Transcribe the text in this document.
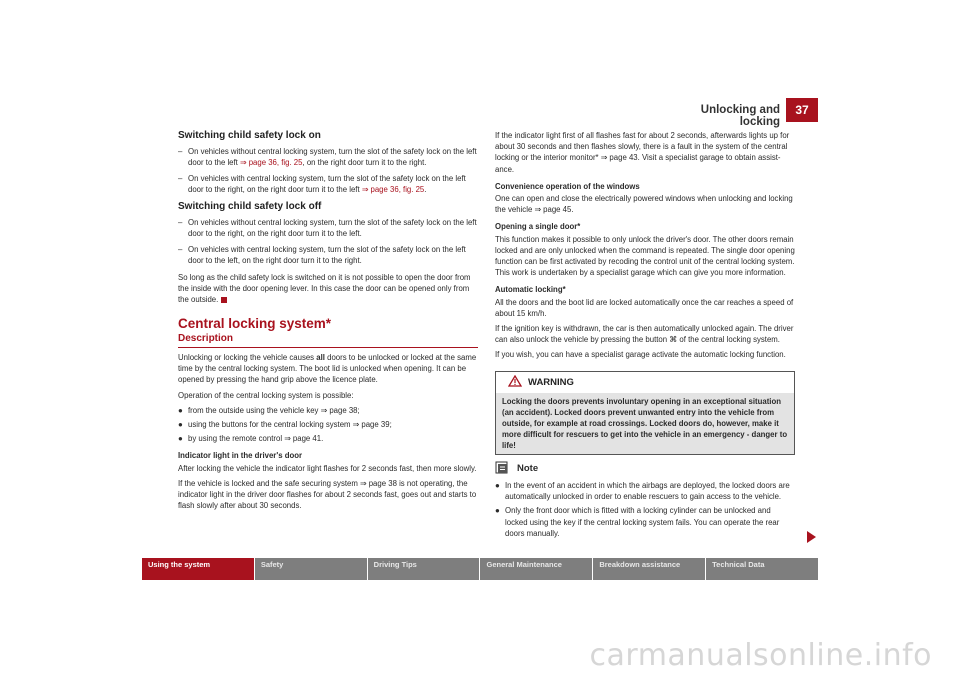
Unlocking and locking
37
Switching child safety lock on
– On vehicles without central locking system, turn the slot of the safety lock on the left door to the left ⇒ page 36, fig. 25, on the right door turn it to the right.
– On vehicles with central locking system, turn the slot of the safety lock on the left door to the right, on the right door turn it to the left ⇒ page 36, fig. 25.
Switching child safety lock off
– On vehicles without central locking system, turn the slot of the safety lock on the left door to the right, on the right door turn it to the left.
– On vehicles with central locking system, turn the slot of the safety lock on the left door to the left, on the right door turn it to the right.

So long as the child safety lock is switched on it is not possible to open the door from the inside with the door opening lever. In this case the door can be opened only from the outside.

Central locking system*
Description

Unlocking or locking the vehicle causes all doors to be unlocked or locked at the same time by the central locking system. The boot lid is unlocked when opening. It can be opened by pressing the hand grip above the licence plate.

Operation of the central locking system is possible:

● from the outside using the vehicle key ⇒ page 38;
● using the buttons for the central locking system ⇒ page 39;
● by using the remote control ⇒ page 41.
Indicator light in the driver's door

After locking the vehicle the indicator light flashes for 2 seconds fast, then more slowly.

If the vehicle is locked and the safe securing system ⇒ page 38 is not operating, the indicator light in the driver door flashes for about 2 seconds fast, goes out and starts to flash slowly after about 30 seconds.

If the indicator light first of all flashes fast for about 2 seconds, afterwards lights up for about 30 seconds and then flashes slowly, there is a fault in the system of the central locking or the interior monitor* ⇒ page 43. Visit a specialist garage to obtain assist-ance.

Convenience operation of the windows

One can open and close the electrically powered windows when unlocking and locking the vehicle ⇒ page 45.

Opening a single door*

This function makes it possible to only unlock the driver's door. The other doors remain locked and are only unlocked when the command is repeated. The single door opening function can be first activated by recoding the control unit of the central locking system. This work is undertaken by a specialist garage which can give you more information.

Automatic locking*

All the doors and the boot lid are locked automatically once the car reaches a speed of about 15 km/h.

If the ignition key is withdrawn, the car is then automatically unlocked again. The driver can also unlock the vehicle by pressing the button ⌘ of the central locking system.

If you wish, you can have a specialist garage activate the automatic locking function.

WARNING
Locking the doors prevents involuntary opening in an exceptional situation (an accident). Locked doors prevent unwanted entry into the vehicle from outside, for example at road crossings. Locked doors do, however, make it more difficult for rescuers to get into the vehicle in an emergency - danger to life!
Note
● In the event of an accident in which the airbags are deployed, the locked doors are automatically unlocked in order to enable rescuers to gain access to the vehicle.
● Only the front door which is fitted with a locking cylinder can be unlocked and locked using the key if the central locking system fails. You can operate the rear doors manually.
Using the system	Safety	Driving Tips	General Maintenance	Breakdown assistance	Technical Data
carmanualsonline.info
